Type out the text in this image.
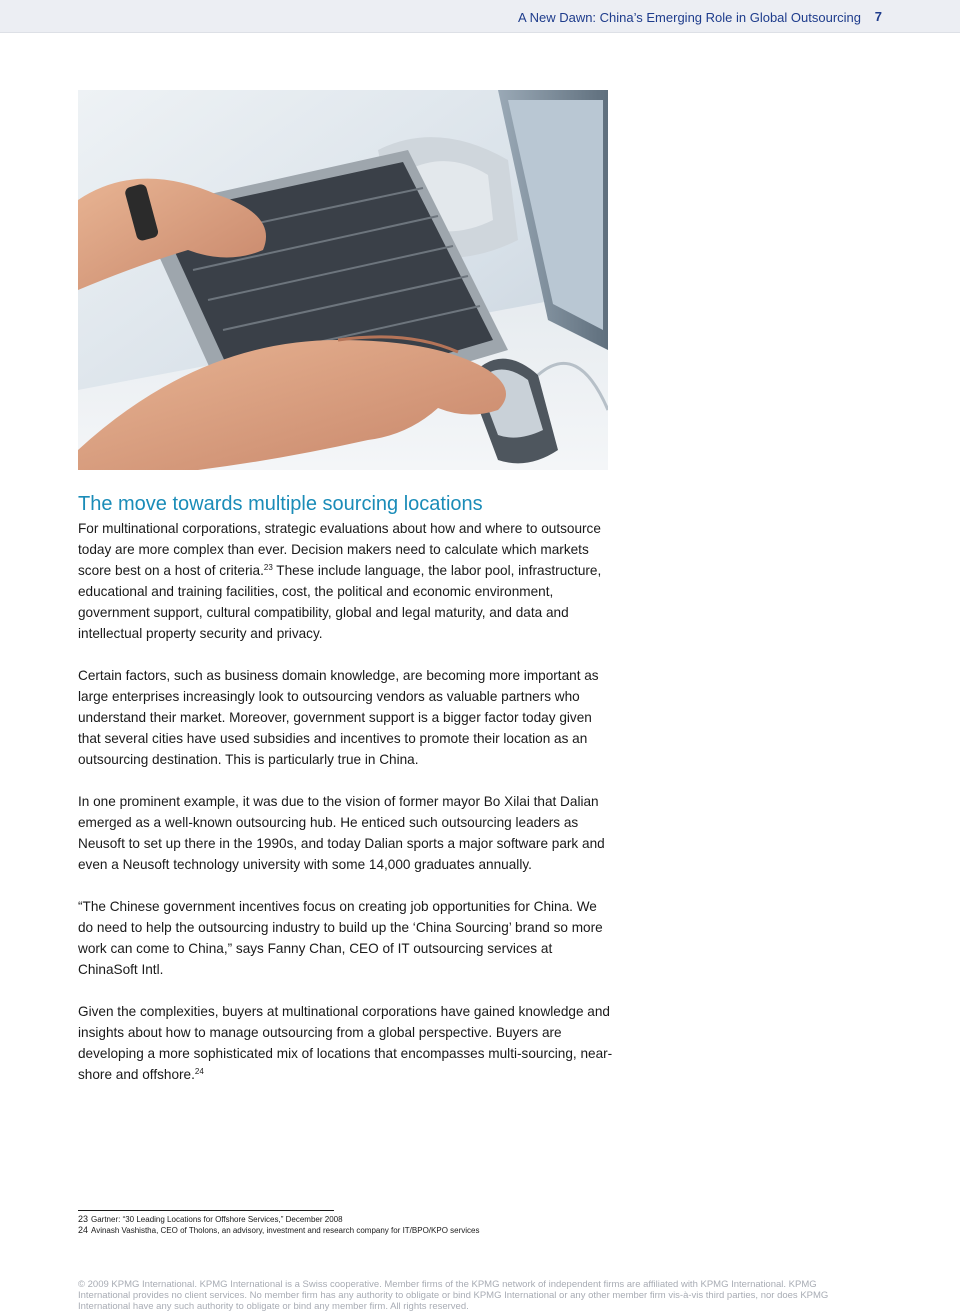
A New Dawn: China’s Emerging Role in Global Outsourcing 7
The move towards multiple sourcing locations

For multinational corporations, strategic evaluations about how and where to outsource today are more complex than ever. Decision makers need to calculate which markets score best on a host of criteria.$^{23}$ These include language, the labor pool, infrastructure, educational and training facilities, cost, the political and economic environment, government support, cultural compatibility, global and legal maturity, and data and intellectual property security and privacy.

Certain factors, such as business domain knowledge, are becoming more important as large enterprises increasingly look to outsourcing vendors as valuable partners who understand their market. Moreover, government support is a bigger factor today given that several cities have used subsidies and incentives to promote their location as an outsourcing destination. This is particularly true in China.

In one prominent example, it was due to the vision of former mayor Bo Xilai that Dalian emerged as a well-known outsourcing hub. He enticed such outsourcing leaders as Neusoft to set up there in the 1990s, and today Dalian sports a major software park and even a Neusoft technology university with some 14,000 graduates annually.

“The Chinese government incentives focus on creating job opportunities for China. We do need to help the outsourcing industry to build up the ‘China Sourcing’ brand so more work can come to China,” says Fanny Chan, CEO of IT outsourcing services at ChinaSoft Intl.

Given the complexities, buyers at multinational corporations have gained knowledge and insights about how to manage outsourcing from a global perspective. Buyers are developing a more sophisticated mix of locations that encompasses multi-sourcing, near-shore and offshore.$^{24}$

23 Gartner: “30 Leading Locations for Offshore Services,” December 2008
24 Avinash Vashistha, CEO of Tholons, an advisory, investment and research company for IT/BPO/KPO services
© 2009 KPMG International. KPMG International is a Swiss cooperative. Member firms of the KPMG network of independent firms are affiliated with KPMG International. KPMG International provides no client services. No member firm has any authority to obligate or bind KPMG International or any other member firm vis-à-vis third parties, nor does KPMG International have any such authority to obligate or bind any member firm. All rights reserved.
